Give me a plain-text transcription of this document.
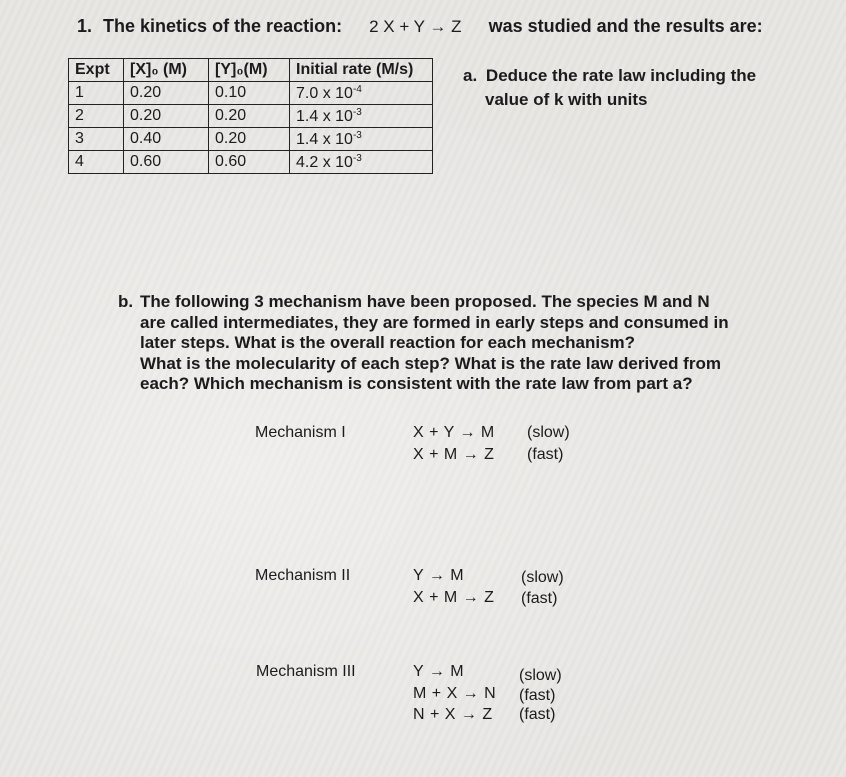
1. The kinetics of the reaction: 2 X + Y → Z was studied and the results are:
Expt	[X]₀ (M)	[Y]₀(M)	Initial rate (M/s)
1	0.20	0.10	7.0 x $10^{-4}$
2	0.20	0.20	1.4 x $10^{-3}$
3	0.40	0.20	1.4 x $10^{-3}$
4	0.60	0.60	4.2 x $10^{-3}$
a. Deduce the rate law including the
value of k with units
b. The following 3 mechanism have been proposed. The species M and N
are called intermediates, they are formed in early steps and consumed in
later steps. What is the overall reaction for each mechanism?
What is the molecularity of each step? What is the rate law derived from
each? Which mechanism is consistent with the rate law from part a?
Mechanism I	X + Y → M (slow)
X + M → Z (fast)
Mechanism II	Y → M	(slow)
X + M → Z (fast)
Mechanism III	Y → M	(slow)
M + X → N (fast)
N + X → Z (fast)
